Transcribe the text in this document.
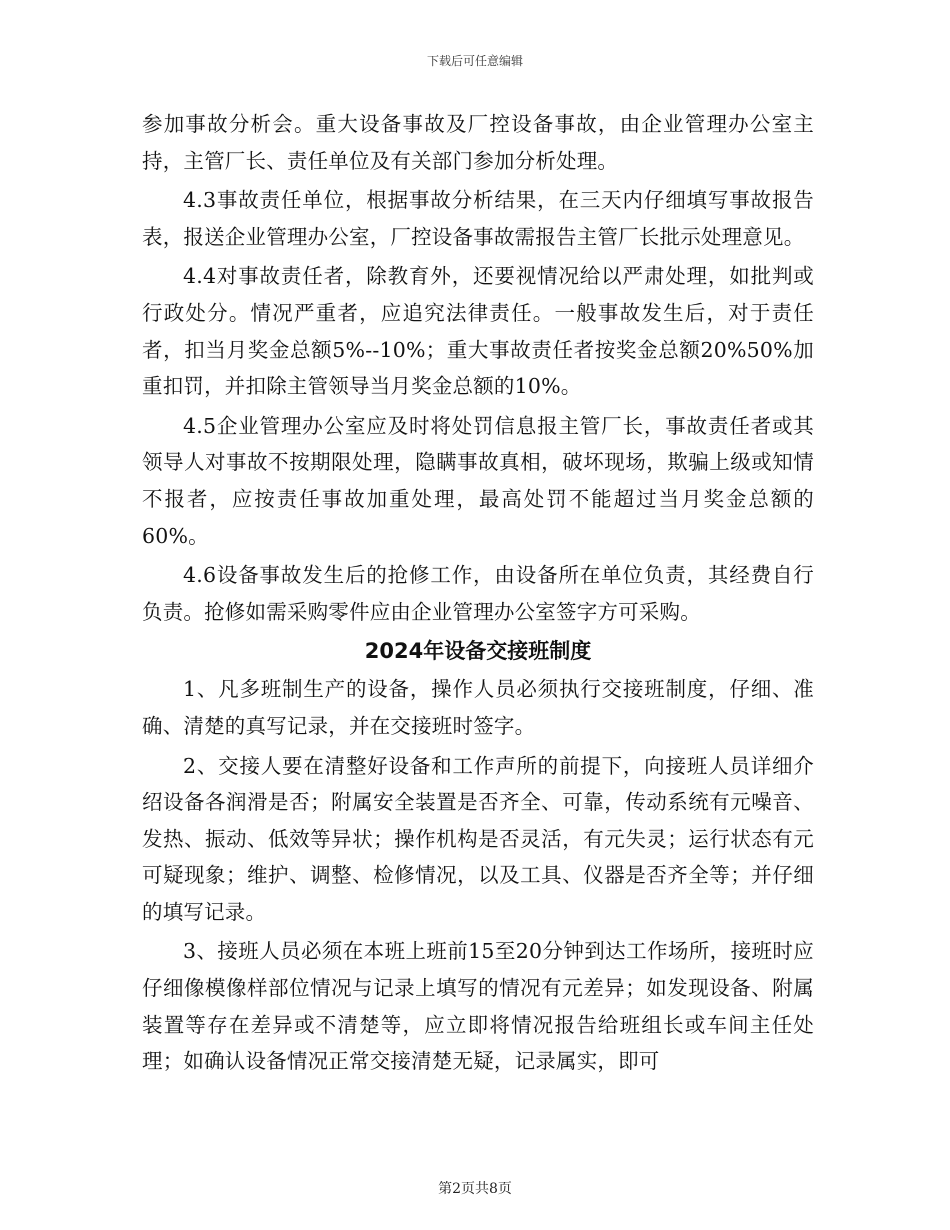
下载后可任意编辑

参加事故分析会。重大设备事故及厂控设备事故，由企业管理办公室主持，主管厂长、责任单位及有关部门参加分析处理。

4.3事故责任单位，根据事故分析结果，在三天内仔细填写事故报告表，报送企业管理办公室，厂控设备事故需报告主管厂长批示处理意见。

4.4对事故责任者，除教育外，还要视情况给以严肃处理，如批判或行政处分。情况严重者，应追究法律责任。一般事故发生后，对于责任者，扣当月奖金总额5%--10%；重大事故责任者按奖金总额20%50%加重扣罚，并扣除主管领导当月奖金总额的10%。

4.5企业管理办公室应及时将处罚信息报主管厂长，事故责任者或其领导人对事故不按期限处理，隐瞒事故真相，破坏现场，欺骗上级或知情不报者，应按责任事故加重处理，最高处罚不能超过当月奖金总额的60%。

4.6设备事故发生后的抢修工作，由设备所在单位负责，其经费自行负责。抢修如需采购零件应由企业管理办公室签字方可采购。

2024年设备交接班制度

1、凡多班制生产的设备，操作人员必须执行交接班制度，仔细、准确、清楚的真写记录，并在交接班时签字。

2、交接人要在清整好设备和工作声所的前提下，向接班人员详细介绍设备各润滑是否；附属安全装置是否齐全、可靠，传动系统有元噪音、发热、振动、低效等异状；操作机构是否灵活，有元失灵；运行状态有元可疑现象；维护、调整、检修情况，以及工具、仪器是否齐全等；并仔细的填写记录。

3、接班人员必须在本班上班前15至20分钟到达工作场所，接班时应仔细像模像样部位情况与记录上填写的情况有元差异；如发现设备、附属装置等存在差异或不清楚等，应立即将情况报告给班组长或车间主任处理；如确认设备情况正常交接清楚无疑，记录属实，即可

第2页共8页
